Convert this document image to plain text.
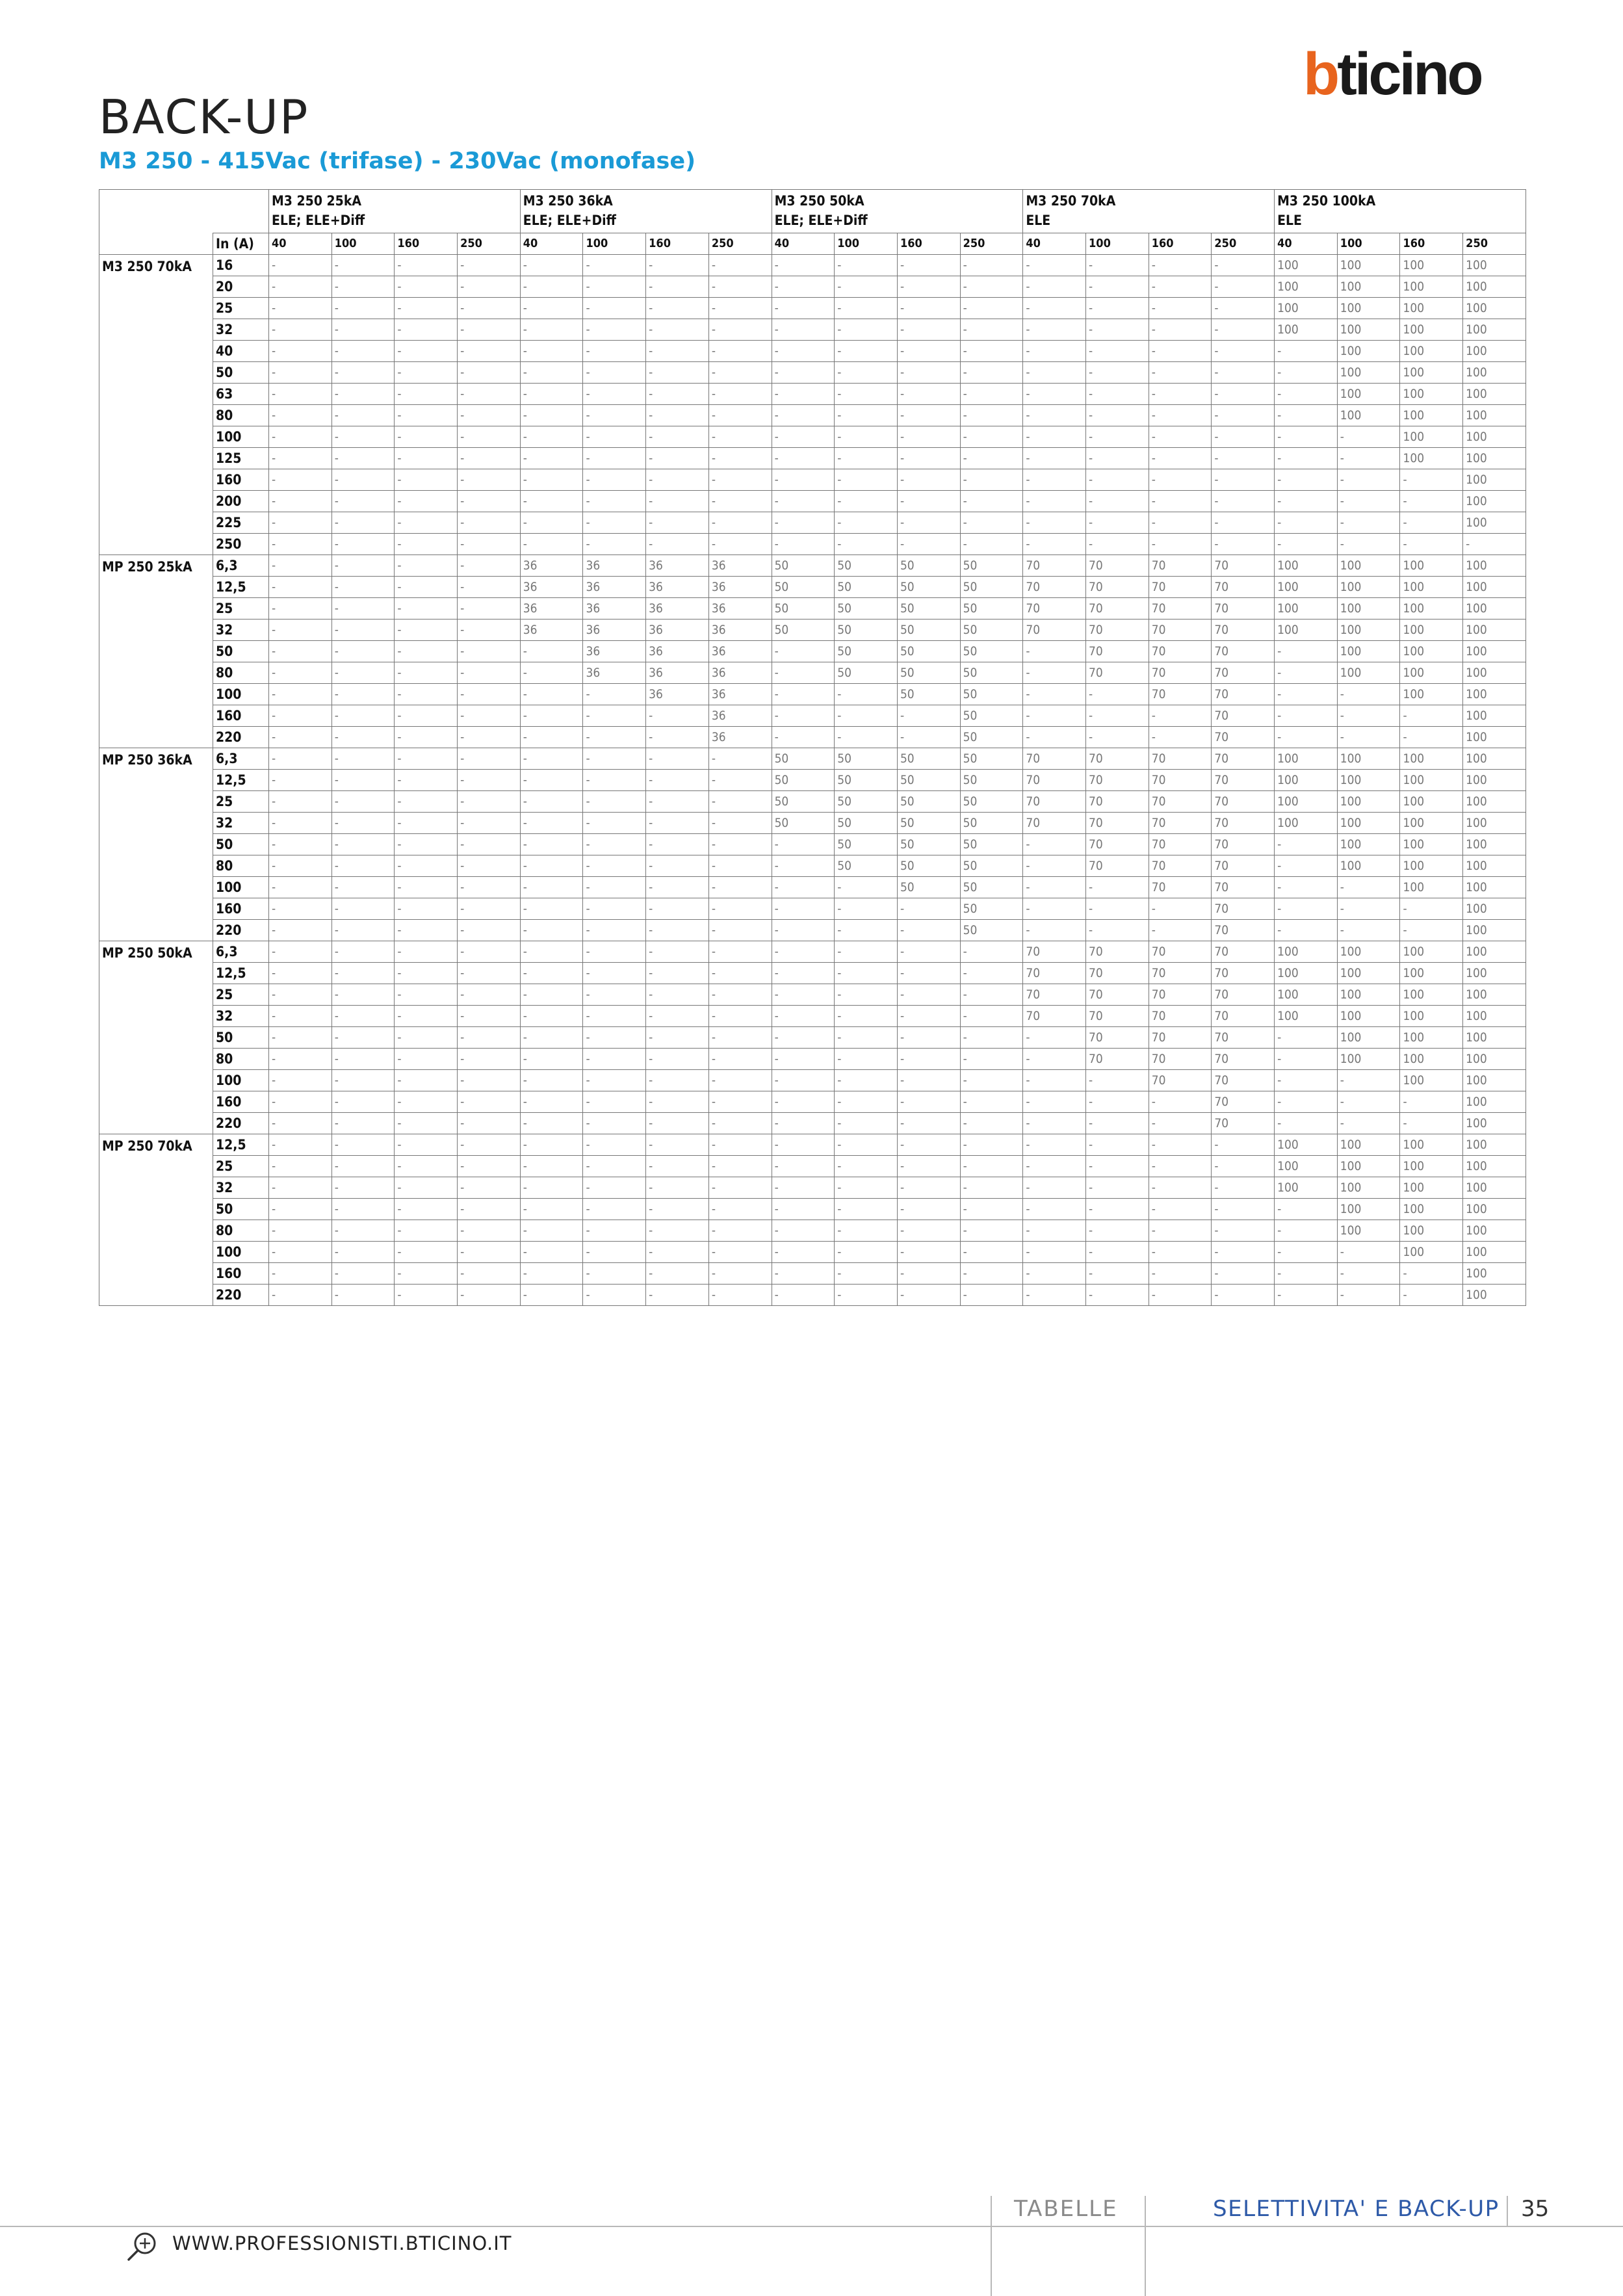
bticino
BACK-UP
M3 250 - 415Vac (trifase) - 230Vac (monofase)

		M3 250 25kA
ELE; ELE+Diff				M3 250 36kA
ELE; ELE+Diff				M3 250 50kA
ELE; ELE+Diff				M3 250 70kA
ELE				M3 250 100kA
ELE			

	In (A)	40	100	160	250	40	100	160	250	40	100	160	250	40	100	160	250	40	100	160	250
M3 250 70kA	16	-	-	-	-	-	-	-	-	-	-	-	-	-	-	-	-	100	100	100	100
	20	-	-	-	-	-	-	-	-	-	-	-	-	-	-	-	-	100	100	100	100
	25	-	-	-	-	-	-	-	-	-	-	-	-	-	-	-	-	100	100	100	100
	32	-	-	-	-	-	-	-	-	-	-	-	-	-	-	-	-	100	100	100	100
	40	-	-	-	-	-	-	-	-	-	-	-	-	-	-	-	-	-	100	100	100
	50	-	-	-	-	-	-	-	-	-	-	-	-	-	-	-	-	-	100	100	100
	63	-	-	-	-	-	-	-	-	-	-	-	-	-	-	-	-	-	100	100	100
	80	-	-	-	-	-	-	-	-	-	-	-	-	-	-	-	-	-	100	100	100
	100	-	-	-	-	-	-	-	-	-	-	-	-	-	-	-	-	-	-	100	100
	125	-	-	-	-	-	-	-	-	-	-	-	-	-	-	-	-	-	-	100	100
	160	-	-	-	-	-	-	-	-	-	-	-	-	-	-	-	-	-	-	-	100
	200	-	-	-	-	-	-	-	-	-	-	-	-	-	-	-	-	-	-	-	100
	225	-	-	-	-	-	-	-	-	-	-	-	-	-	-	-	-	-	-	-	100
	250	-	-	-	-	-	-	-	-	-	-	-	-	-	-	-	-	-	-	-	-
MP 250 25kA	6,3	-	-	-	-	36	36	36	36	50	50	50	50	70	70	70	70	100	100	100	100
	12,5	-	-	-	-	36	36	36	36	50	50	50	50	70	70	70	70	100	100	100	100
	25	-	-	-	-	36	36	36	36	50	50	50	50	70	70	70	70	100	100	100	100
	32	-	-	-	-	36	36	36	36	50	50	50	50	70	70	70	70	100	100	100	100
	50	-	-	-	-	-	36	36	36	-	50	50	50	-	70	70	70	-	100	100	100
	80	-	-	-	-	-	36	36	36	-	50	50	50	-	70	70	70	-	100	100	100
	100	-	-	-	-	-	-	36	36	-	-	50	50	-	-	70	70	-	-	100	100
	160	-	-	-	-	-	-	-	36	-	-	-	50	-	-	-	70	-	-	-	100
	220	-	-	-	-	-	-	-	36	-	-	-	50	-	-	-	70	-	-	-	100
MP 250 36kA	6,3	-	-	-	-	-	-	-	-	50	50	50	50	70	70	70	70	100	100	100	100
	12,5	-	-	-	-	-	-	-	-	50	50	50	50	70	70	70	70	100	100	100	100
	25	-	-	-	-	-	-	-	-	50	50	50	50	70	70	70	70	100	100	100	100
	32	-	-	-	-	-	-	-	-	50	50	50	50	70	70	70	70	100	100	100	100
	50	-	-	-	-	-	-	-	-	-	50	50	50	-	70	70	70	-	100	100	100
	80	-	-	-	-	-	-	-	-	-	50	50	50	-	70	70	70	-	100	100	100
	100	-	-	-	-	-	-	-	-	-	-	50	50	-	-	70	70	-	-	100	100
	160	-	-	-	-	-	-	-	-	-	-	-	50	-	-	-	70	-	-	-	100
	220	-	-	-	-	-	-	-	-	-	-	-	50	-	-	-	70	-	-	-	100
MP 250 50kA	6,3	-	-	-	-	-	-	-	-	-	-	-	-	70	70	70	70	100	100	100	100
	12,5	-	-	-	-	-	-	-	-	-	-	-	-	70	70	70	70	100	100	100	100
	25	-	-	-	-	-	-	-	-	-	-	-	-	70	70	70	70	100	100	100	100
	32	-	-	-	-	-	-	-	-	-	-	-	-	70	70	70	70	100	100	100	100
	50	-	-	-	-	-	-	-	-	-	-	-	-	-	70	70	70	-	100	100	100
	80	-	-	-	-	-	-	-	-	-	-	-	-	-	70	70	70	-	100	100	100
	100	-	-	-	-	-	-	-	-	-	-	-	-	-	-	70	70	-	-	100	100
	160	-	-	-	-	-	-	-	-	-	-	-	-	-	-	-	70	-	-	-	100
	220	-	-	-	-	-	-	-	-	-	-	-	-	-	-	-	70	-	-	-	100
MP 250 70kA	12,5	-	-	-	-	-	-	-	-	-	-	-	-	-	-	-	-	100	100	100	100
	25	-	-	-	-	-	-	-	-	-	-	-	-	-	-	-	-	100	100	100	100
	32	-	-	-	-	-	-	-	-	-	-	-	-	-	-	-	-	100	100	100	100
	50	-	-	-	-	-	-	-	-	-	-	-	-	-	-	-	-	-	100	100	100
	80	-	-	-	-	-	-	-	-	-	-	-	-	-	-	-	-	-	100	100	100
	100	-	-	-	-	-	-	-	-	-	-	-	-	-	-	-	-	-	-	100	100
	160	-	-	-	-	-	-	-	-	-	-	-	-	-	-	-	-	-	-	-	100
	220	-	-	-	-	-	-	-	-	-	-	-	-	-	-	-	-	-	-	-	100
TABELLE	SELETTIVITA' E BACK-UP 35
WWW.PROFESSIONISTI.BTICINO.IT
